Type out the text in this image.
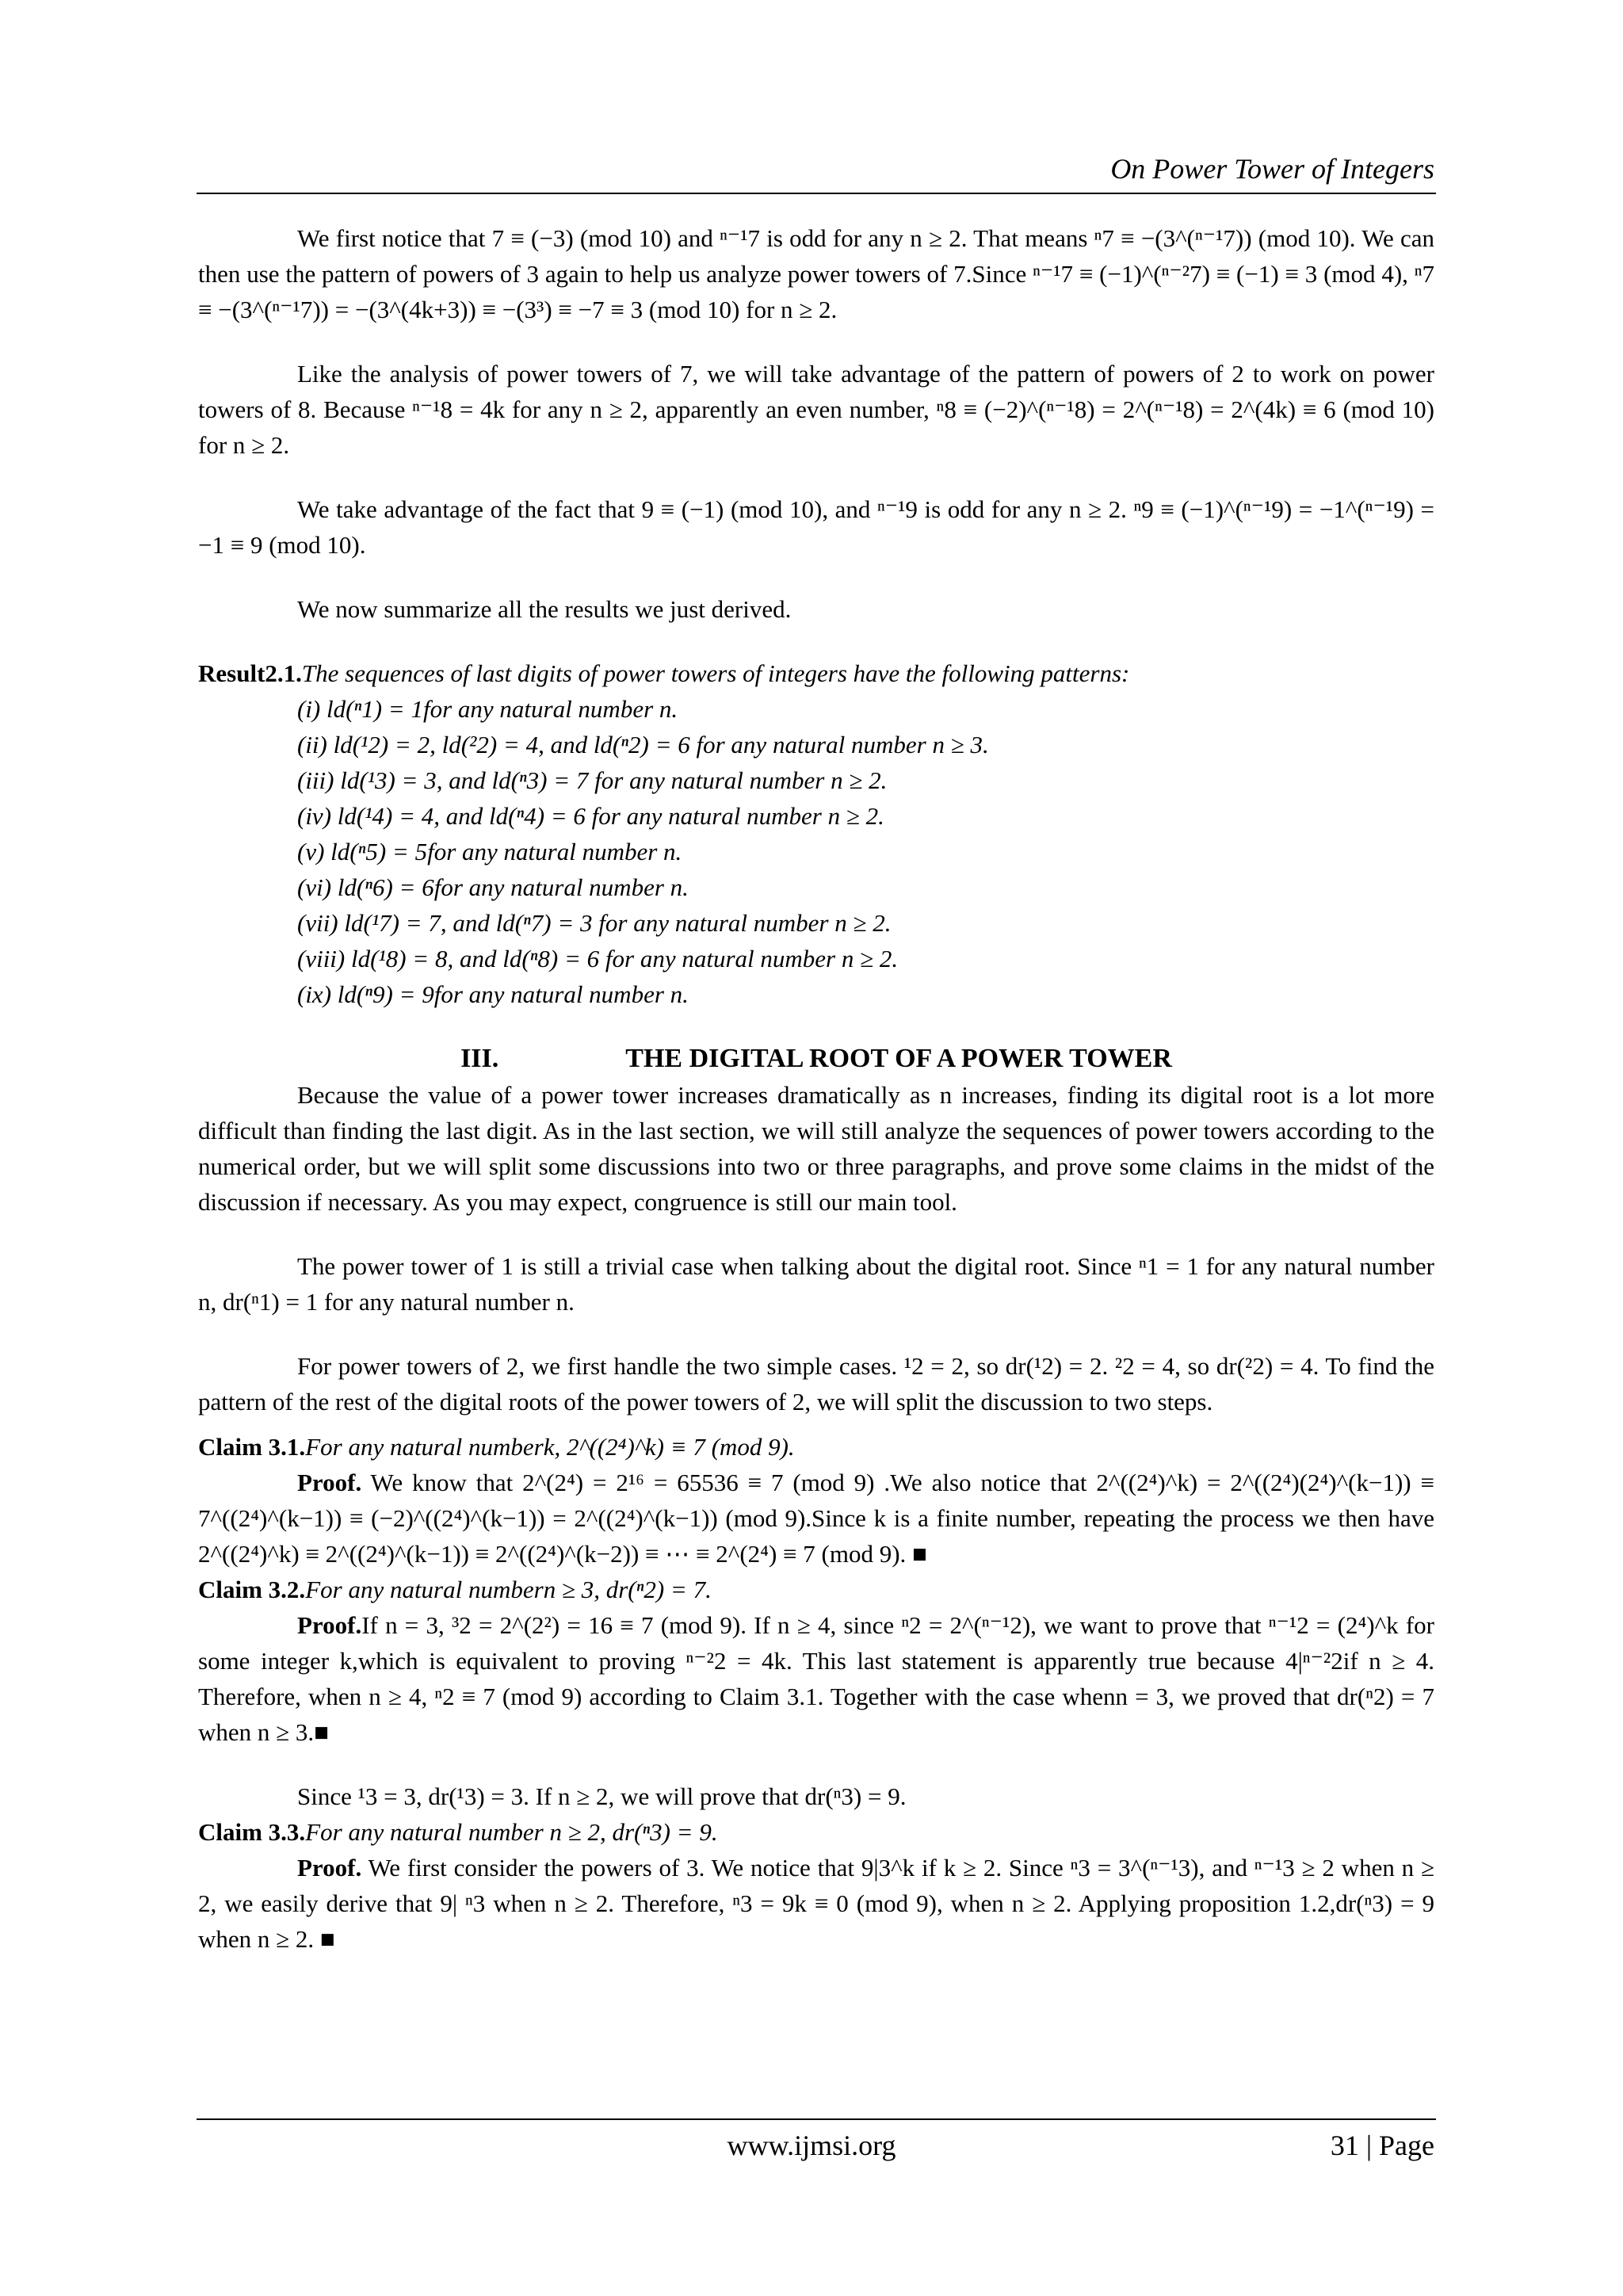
On Power Tower of Integers

We first notice that 7 ≡ (−3) (mod 10) and ⁿ⁻¹7 is odd for any n ≥ 2. That means ⁿ7 ≡ −(3^(ⁿ⁻¹7)) (mod 10). We can then use the pattern of powers of 3 again to help us analyze power towers of 7.Since ⁿ⁻¹7 ≡ (−1)^(ⁿ⁻²7) ≡ (−1) ≡ 3 (mod 4), ⁿ7 ≡ −(3^(ⁿ⁻¹7)) = −(3^(4k+3)) ≡ −(3³) ≡ −7 ≡ 3 (mod 10) for n ≥ 2.

Like the analysis of power towers of 7, we will take advantage of the pattern of powers of 2 to work on power towers of 8. Because ⁿ⁻¹8 = 4k for any n ≥ 2, apparently an even number, ⁿ8 ≡ (−2)^(ⁿ⁻¹8) = 2^(ⁿ⁻¹8) = 2^(4k) ≡ 6 (mod 10) for n ≥ 2.

We take advantage of the fact that 9 ≡ (−1) (mod 10), and ⁿ⁻¹9 is odd for any n ≥ 2. ⁿ9 ≡ (−1)^(ⁿ⁻¹9) = −1^(ⁿ⁻¹9) = −1 ≡ 9 (mod 10).

We now summarize all the results we just derived.

Result2.1.The sequences of last digits of power towers of integers have the following patterns:

(i) ld(ⁿ1) = 1for any natural number n.
(ii) ld(¹2) = 2, ld(²2) = 4, and ld(ⁿ2) = 6 for any natural number n ≥ 3.
(iii) ld(¹3) = 3, and ld(ⁿ3) = 7 for any natural number n ≥ 2.
(iv) ld(¹4) = 4, and ld(ⁿ4) = 6 for any natural number n ≥ 2.
(v) ld(ⁿ5) = 5for any natural number n.
(vi) ld(ⁿ6) = 6for any natural number n.
(vii) ld(¹7) = 7, and ld(ⁿ7) = 3 for any natural number n ≥ 2.
(viii) ld(¹8) = 8, and ld(ⁿ8) = 6 for any natural number n ≥ 2.
(ix) ld(ⁿ9) = 9for any natural number n.
III.	THE DIGITAL ROOT OF A POWER TOWER

Because the value of a power tower increases dramatically as n increases, finding its digital root is a lot more difficult than finding the last digit. As in the last section, we will still analyze the sequences of power towers according to the numerical order, but we will split some discussions into two or three paragraphs, and prove some claims in the midst of the discussion if necessary. As you may expect, congruence is still our main tool.

The power tower of 1 is still a trivial case when talking about the digital root. Since ⁿ1 = 1 for any natural number n, dr(ⁿ1) = 1 for any natural number n.

For power towers of 2, we first handle the two simple cases. ¹2 = 2, so dr(¹2) = 2. ²2 = 4, so dr(²2) = 4. To find the pattern of the rest of the digital roots of the power towers of 2, we will split the discussion to two steps.

Claim 3.1.For any natural numberk, 2^((2⁴)^k) ≡ 7 (mod 9).

Proof. We know that 2^(2⁴) = 2¹⁶ = 65536 ≡ 7 (mod 9) .We also notice that 2^((2⁴)^k) = 2^((2⁴)(2⁴)^(k−1)) ≡ 7^((2⁴)^(k−1)) ≡ (−2)^((2⁴)^(k−1)) = 2^((2⁴)^(k−1)) (mod 9).Since k is a finite number, repeating the process we then have 2^((2⁴)^k) ≡ 2^((2⁴)^(k−1)) ≡ 2^((2⁴)^(k−2)) ≡ ⋯ ≡ 2^(2⁴) ≡ 7 (mod 9). ■

Claim 3.2.For any natural numbern ≥ 3, dr(ⁿ2) = 7.

Proof.If n = 3, ³2 = 2^(2²) = 16 ≡ 7 (mod 9). If n ≥ 4, since ⁿ2 = 2^(ⁿ⁻¹2), we want to prove that ⁿ⁻¹2 = (2⁴)^k for some integer k,which is equivalent to proving ⁿ⁻²2 = 4k. This last statement is apparently true because 4|ⁿ⁻²2if n ≥ 4. Therefore, when n ≥ 4, ⁿ2 ≡ 7 (mod 9) according to Claim 3.1. Together with the case whenn = 3, we proved that dr(ⁿ2) = 7 when n ≥ 3.■

Since ¹3 = 3, dr(¹3) = 3. If n ≥ 2, we will prove that dr(ⁿ3) = 9.

Claim 3.3.For any natural number n ≥ 2, dr(ⁿ3) = 9.

Proof. We first consider the powers of 3. We notice that 9|3^k if k ≥ 2. Since ⁿ3 = 3^(ⁿ⁻¹3), and ⁿ⁻¹3 ≥ 2 when n ≥ 2, we easily derive that 9| ⁿ3 when n ≥ 2. Therefore, ⁿ3 = 9k ≡ 0 (mod 9), when n ≥ 2. Applying proposition 1.2,dr(ⁿ3) = 9 when n ≥ 2. ■

www.ijmsi.org	31 | Page
